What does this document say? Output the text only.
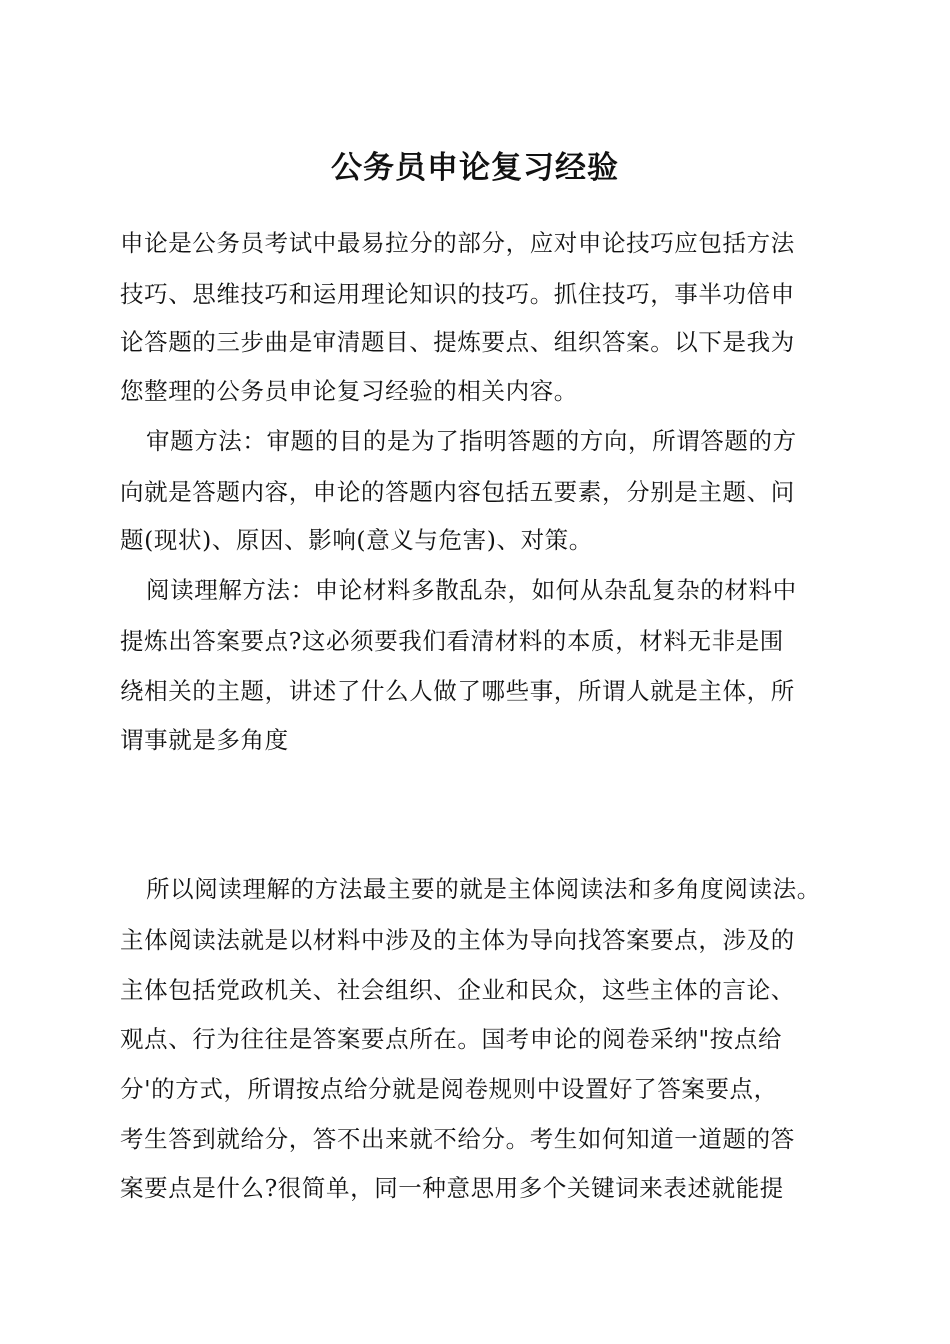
公务员申论复习经验

申论是公务员考试中最易拉分的部分，应对申论技巧应包括方法

技巧、思维技巧和运用理论知识的技巧。抓住技巧，事半功倍申

论答题的三步曲是审清题目、提炼要点、组织答案。以下是我为

您整理的公务员申论复习经验的相关内容。

审题方法：审题的目的是为了指明答题的方向，所谓答题的方

向就是答题内容，申论的答题内容包括五要素，分别是主题、问

题(现状)、原因、影响(意义与危害)、对策。

阅读理解方法：申论材料多散乱杂，如何从杂乱复杂的材料中

提炼出答案要点?这必须要我们看清材料的本质，材料无非是围

绕相关的主题，讲述了什么人做了哪些事，所谓人就是主体，所

谓事就是多角度

所以阅读理解的方法最主要的就是主体阅读法和多角度阅读法。

主体阅读法就是以材料中涉及的主体为导向找答案要点，涉及的

主体包括党政机关、社会组织、企业和民众，这些主体的言论、

观点、行为往往是答案要点所在。国考申论的阅卷采纳"按点给

分'的方式，所谓按点给分就是阅卷规则中设置好了答案要点，

考生答到就给分，答不出来就不给分。考生如何知道一道题的答

案要点是什么?很简单，同一种意思用多个关键词来表述就能提
